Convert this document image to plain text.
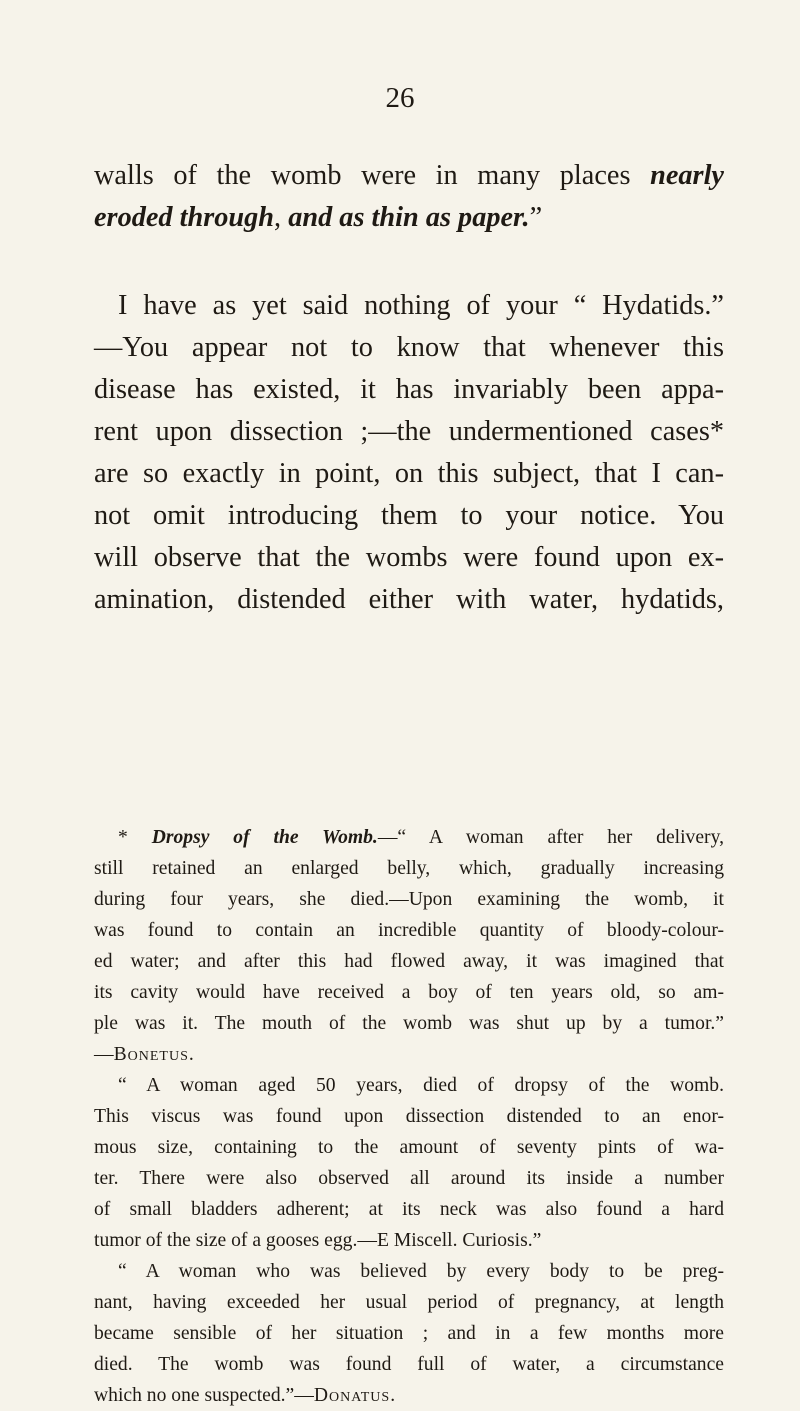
26
walls of the womb were in many places nearly
eroded through, and as thin as paper.”
I have as yet said nothing of your “ Hydatids.”
—You appear not to know that whenever this
disease has existed, it has invariably been appa-
rent upon dissection ;—the undermentioned cases*
are so exactly in point, on this subject, that I can-
not omit introducing them to your notice. You
will observe that the wombs were found upon ex-
amination, distended either with water, hydatids,
* Dropsy of the Womb.—“ A woman after her delivery,
still retained an enlarged belly, which, gradually increasing
during four years, she died.—Upon examining the womb, it
was found to contain an incredible quantity of bloody-colour-
ed water; and after this had flowed away, it was imagined that
its cavity would have received a boy of ten years old, so am-
ple was it. The mouth of the womb was shut up by a tumor.”
—Bonetus.
“ A woman aged 50 years, died of dropsy of the womb.
This viscus was found upon dissection distended to an enor-
mous size, containing to the amount of seventy pints of wa-
ter. There were also observed all around its inside a number
of small bladders adherent; at its neck was also found a hard
tumor of the size of a gooses egg.—E Miscell. Curiosis.”
“ A woman who was believed by every body to be preg-
nant, having exceeded her usual period of pregnancy, at length
became sensible of her situation ; and in a few months more
died. The womb was found full of water, a circumstance
which no one suspected.”—Donatus.
